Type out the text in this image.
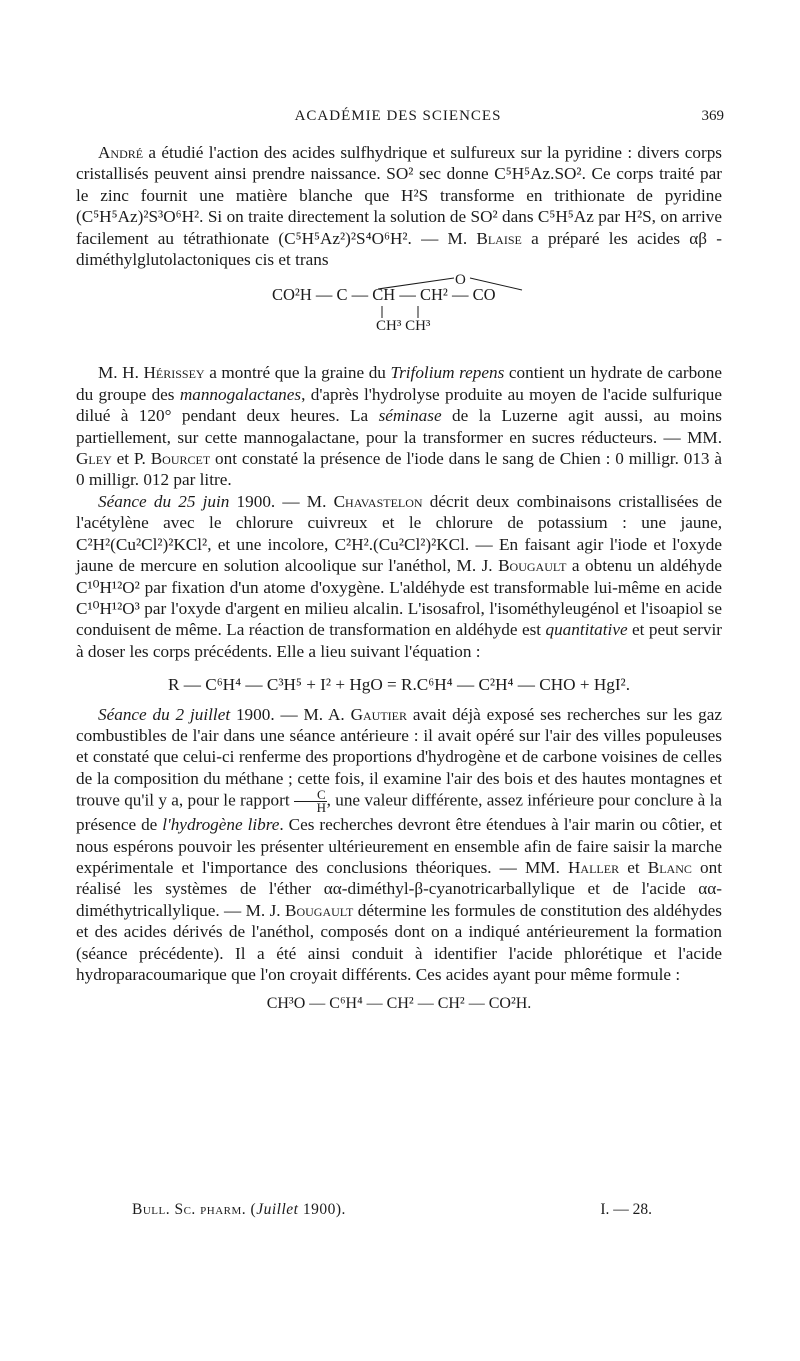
ACADÉMIE DES SCIENCES	369

André a étudié l'action des acides sulfhydrique et sulfureux sur la pyridine : divers corps cristallisés peuvent ainsi prendre naissance. SO² sec donne C⁵H⁵Az.SO². Ce corps traité par le zinc fournit une matière blanche que H²S transforme en trithionate de pyridine (C⁵H⁵Az)²S³O⁶H². Si on traite directement la solution de SO² dans C⁵H⁵Az par H²S, on arrive facilement au tétrathionate (C⁵H⁵Az²)²S⁴O⁶H². — M. Blaise a préparé les acides αβ - diméthylglutolactoniques cis et trans

O
CO²H — C — CH — CH² — CO
CH³ CH³

M. H. Hérissey a montré que la graine du Trifolium repens contient un hydrate de carbone du groupe des mannogalactanes, d'après l'hydrolyse produite au moyen de l'acide sulfurique dilué à 120° pendant deux heures. La séminase de la Luzerne agit aussi, au moins partiellement, sur cette mannogalactane, pour la transformer en sucres réducteurs. — MM. Gley et P. Bourcet ont constaté la présence de l'iode dans le sang de Chien : 0 milligr. 013 à 0 milligr. 012 par litre.

Séance du 25 juin 1900. — M. Chavastelon décrit deux combinaisons cristallisées de l'acétylène avec le chlorure cuivreux et le chlorure de potassium : une jaune, C²H²(Cu²Cl²)²KCl², et une incolore, C²H².(Cu²Cl²)²KCl. — En faisant agir l'iode et l'oxyde jaune de mercure en solution alcoolique sur l'anéthol, M. J. Bougault a obtenu un aldéhyde C¹⁰H¹²O² par fixation d'un atome d'oxygène. L'aldéhyde est transformable lui-même en acide C¹⁰H¹²O³ par l'oxyde d'argent en milieu alcalin. L'isosafrol, l'isométhyleugénol et l'isoapiol se conduisent de même. La réaction de transformation en aldéhyde est quantitative et peut servir à doser les corps précédents. Elle a lieu suivant l'équation :

R — C⁶H⁴ — C³H⁵ + I² + HgO = R.C⁶H⁴ — C²H⁴ — CHO + HgI².

Séance du 2 juillet 1900. — M. A. Gautier avait déjà exposé ses recherches sur les gaz combustibles de l'air dans une séance antérieure : il avait opéré sur l'air des villes populeuses et constaté que celui-ci renferme des proportions d'hydrogène et de carbone voisines de celles de la composition du méthane ; cette fois, il examine l'air des bois et des hautes montagnes et trouve qu'il y a, pour le rapport $\frac{C}{H}$ , une valeur différente, assez inférieure pour conclure à la présence de l'hydrogène libre. Ces recherches devront être étendues à l'air marin ou côtier, et nous espérons pouvoir les présenter ultérieurement en ensemble afin de faire saisir la marche expérimentale et l'importance des conclusions théoriques. — MM. Haller et Blanc ont réalisé les systèmes de l'éther αα-diméthyl-β-cyanotricarballylique et de l'acide αα-diméthytricallylique. — M. J. Bougault détermine les formules de constitution des aldéhydes et des acides dérivés de l'anéthol, composés dont on a indiqué antérieurement la formation (séance précédente). Il a été ainsi conduit à identifier l'acide phlorétique et l'acide hydroparacoumarique que l'on croyait différents. Ces acides ayant pour même formule :

CH³O — C⁶H⁴ — CH² — CH² — CO²H.
Bull. Sc. pharm. (Juillet 1900).	I. — 28.
